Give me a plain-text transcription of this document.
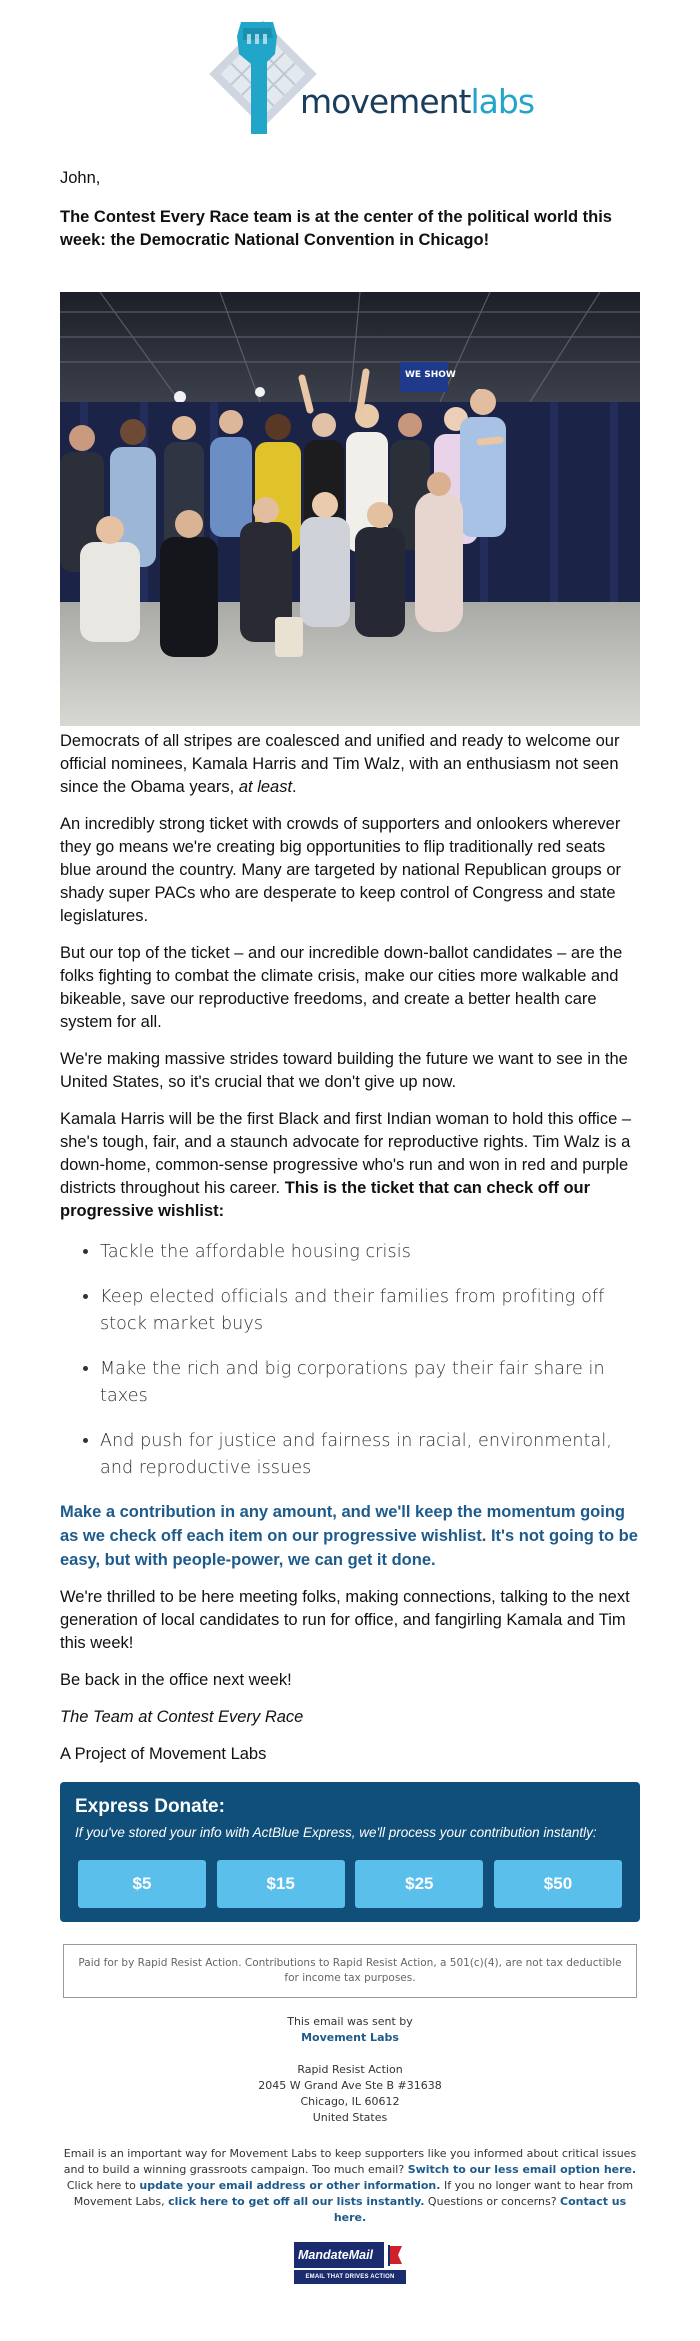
movementlabs

John,

The Contest Every Race team is at the center of the political world this week: the Democratic National Convention in Chicago!

WE SHOW

Democrats of all stripes are coalesced and unified and ready to welcome our official nominees, Kamala Harris and Tim Walz, with an enthusiasm not seen since the Obama years, at least.

An incredibly strong ticket with crowds of supporters and onlookers wherever they go means we're creating big opportunities to flip traditionally red seats blue around the country. Many are targeted by national Republican groups or shady super PACs who are desperate to keep control of Congress and state legislatures.

But our top of the ticket – and our incredible down-ballot candidates – are the folks fighting to combat the climate crisis, make our cities more walkable and bikeable, save our reproductive freedoms, and create a better health care system for all.

We're making massive strides toward building the future we want to see in the United States, so it's crucial that we don't give up now.

Kamala Harris will be the first Black and first Indian woman to hold this office – she's tough, fair, and a staunch advocate for reproductive rights. Tim Walz is a down-home, common-sense progressive who's run and won in red and purple districts throughout his career. This is the ticket that can check off our progressive wishlist:

• Tackle the affordable housing crisis
• Keep elected officials and their families from profiting off stock market buys
• Make the rich and big corporations pay their fair share in taxes
• And push for justice and fairness in racial, environmental, and reproductive issues

Make a contribution in any amount, and we'll keep the momentum going as we check off each item on our progressive wishlist. It's not going to be easy, but with people-power, we can get it done.

We're thrilled to be here meeting folks, making connections, talking to the next generation of local candidates to run for office, and fangirling Kamala and Tim this week!

Be back in the office next week!

The Team at Contest Every Race

A Project of Movement Labs

Express Donate:
If you've stored your info with ActBlue Express, we'll process your contribution instantly:
$5	$15	$25	$50
Paid for by Rapid Resist Action. Contributions to Rapid Resist Action, a 501(c)(4), are not tax deductible for income tax purposes.
This email was sent by
Movement Labs
Rapid Resist Action
2045 W Grand Ave Ste B #31638
Chicago, IL 60612
United States
Email is an important way for Movement Labs to keep supporters like you informed about critical issues and to build a winning grassroots campaign. Too much email? Switch to our less email option here. Click here to update your email address or other information. If you no longer want to hear from Movement Labs, click here to get off all our lists instantly. Questions or concerns? Contact us here.
MandateMail
EMAIL THAT DRIVES ACTION
